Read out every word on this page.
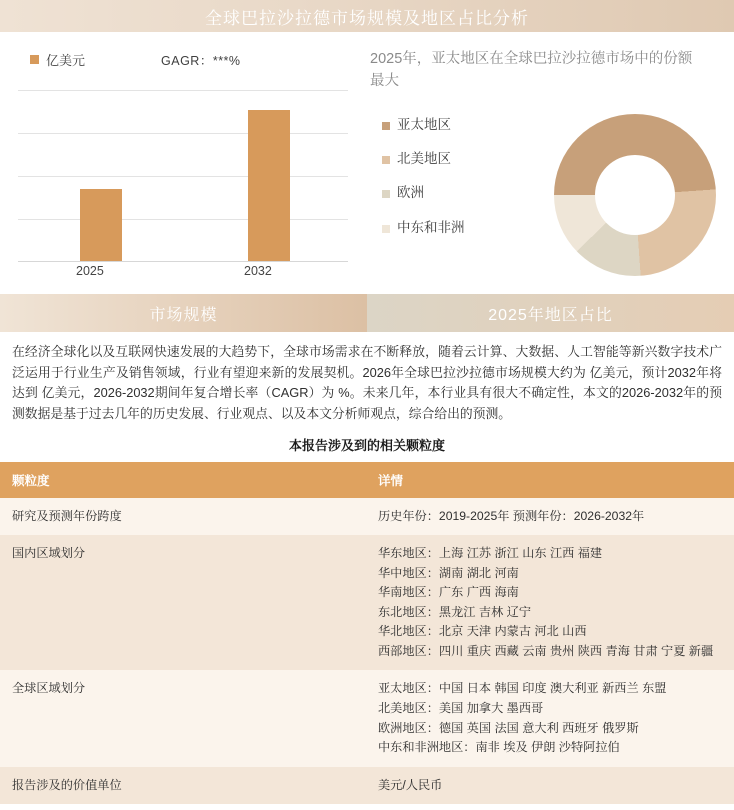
全球巴拉沙拉德市场规模及地区占比分析
亿美元	GAGR：***%
2025	2032
2025年，亚太地区在全球巴拉沙拉德市场中的份额最大
亚太地区
北美地区
欧洲
中东和非洲
市场规模	2025年地区占比
在经济全球化以及互联网快速发展的大趋势下，全球市场需求在不断释放，随着云计算、大数据、人工智能等新兴数字技术广泛运用于行业生产及销售领域，行业有望迎来新的发展契机。2026年全球巴拉沙拉德市场规模大约为 亿美元，预计2032年将达到 亿美元，2026-2032期间年复合增长率（CAGR）为 %。未来几年，本行业具有很大不确定性，本文的2026-2032年的预测数据是基于过去几年的历史发展、行业观点、以及本文分析师观点，综合给出的预测。
本报告涉及到的相关颗粒度
颗粒度	详情
研究及预测年份跨度	历史年份：2019-2025年 预测年份：2026-2032年

国内区域划分	华东地区：上海 江苏 浙江 山东 江西 福建
华中地区：湖南 湖北 河南
华南地区：广东 广西 海南
东北地区：黑龙江 吉林 辽宁
华北地区：北京 天津 内蒙古 河北 山西
西部地区：四川 重庆 西藏 云南 贵州 陕西 青海 甘肃 宁夏 新疆

全球区域划分	亚太地区：中国 日本 韩国 印度 澳大利亚 新西兰 东盟
北美地区：美国 加拿大 墨西哥
欧洲地区：德国 英国 法国 意大利 西班牙 俄罗斯
中东和非洲地区：南非 埃及 伊朗 沙特阿拉伯

报告涉及的价值单位	美元/人民币
